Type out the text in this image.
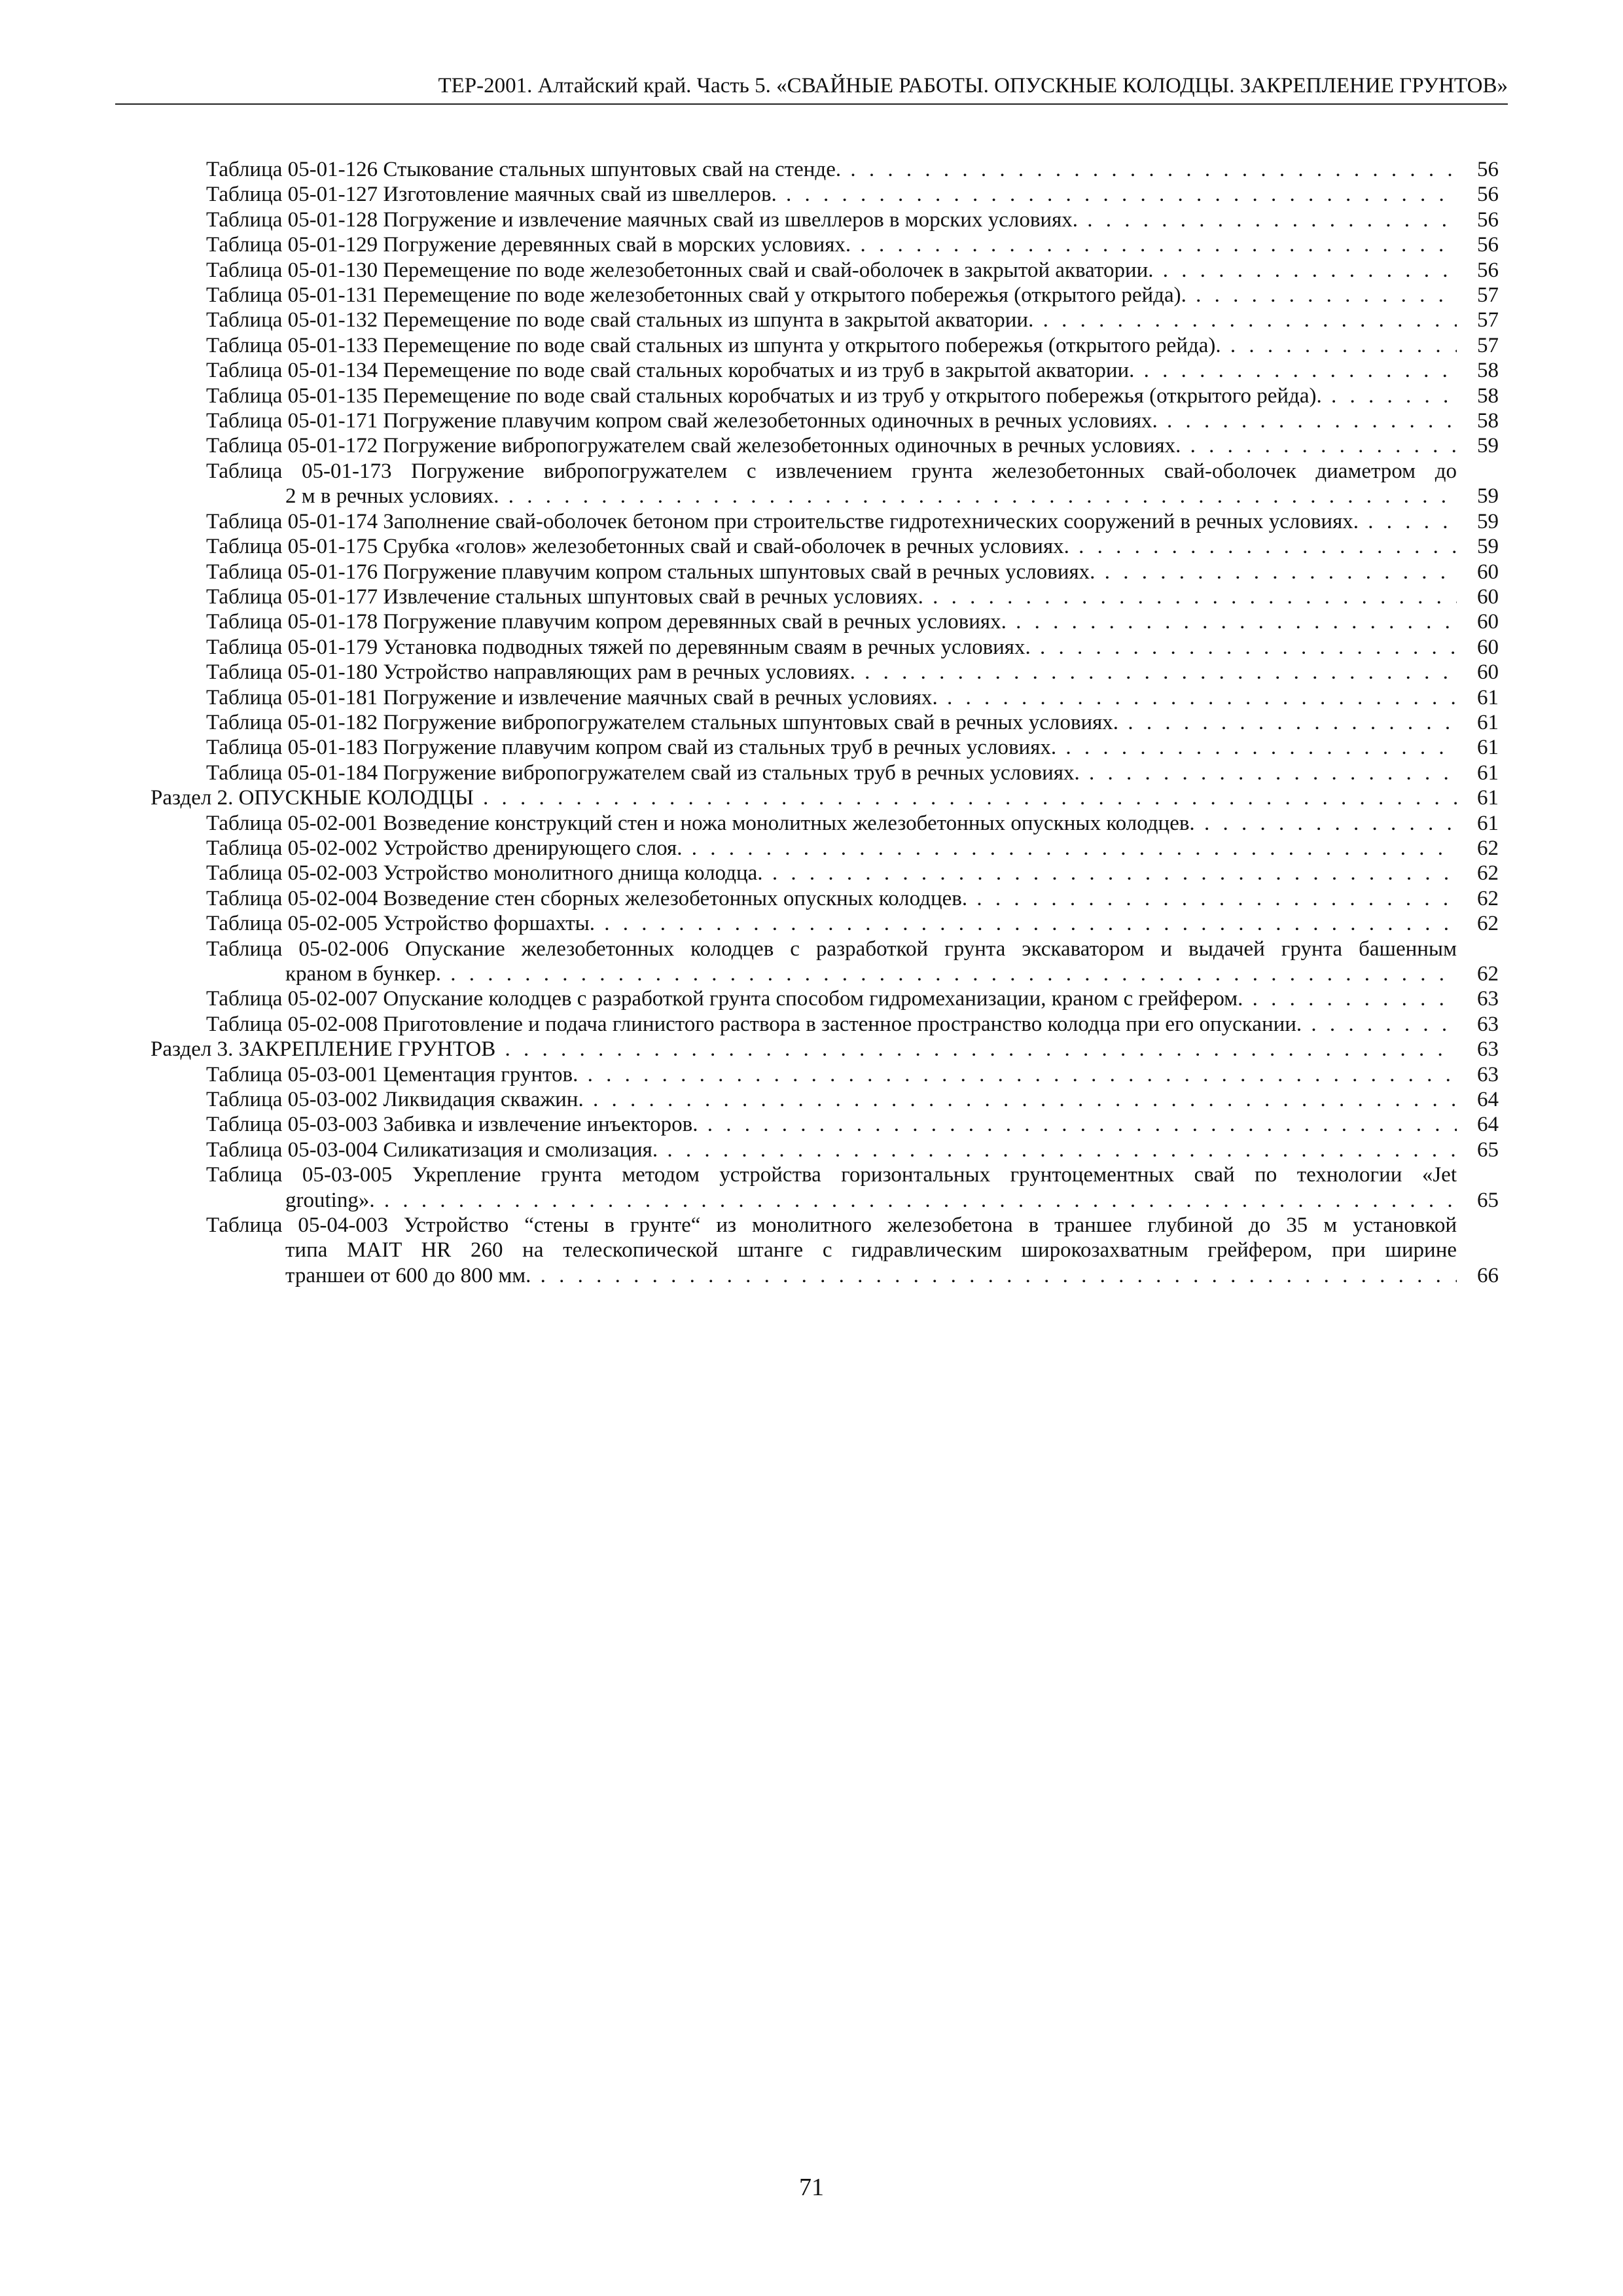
ТЕР-2001. Алтайский край. Часть 5. «СВАЙНЫЕ РАБОТЫ. ОПУСКНЫЕ КОЛОДЦЫ. ЗАКРЕПЛЕНИЕ ГРУНТОВ»
Таблица 05-01-126 Стыкование стальных шпунтовых свай на стенде. . . .	56
Таблица 05-01-127 Изготовление маячных свай из швеллеров. . . .	56
Таблица 05-01-128 Погружение и извлечение маячных свай из швеллеров в морских условиях. . . .	56
Таблица 05-01-129 Погружение деревянных свай в морских условиях. . . .	56
Таблица 05-01-130 Перемещение по воде железобетонных свай и свай-оболочек в закрытой акватории. . . .	56
Таблица 05-01-131 Перемещение по воде железобетонных свай у открытого побережья (открытого рейда). . . .	57
Таблица 05-01-132 Перемещение по воде свай стальных из шпунта в закрытой акватории. . . .	57
Таблица 05-01-133 Перемещение по воде свай стальных из шпунта у открытого побережья (открытого рейда). . . .	57
Таблица 05-01-134 Перемещение по воде свай стальных коробчатых и из труб в закрытой акватории. . . .	58
Таблица 05-01-135 Перемещение по воде свай стальных коробчатых и из труб у открытого побережья (открытого рейда). . . .	58
Таблица 05-01-171 Погружение плавучим копром свай железобетонных одиночных в речных условиях. . . .	58
Таблица 05-01-172 Погружение вибропогружателем свай железобетонных одиночных в речных условиях. . . .	59
Таблица 05-01-173 Погружение вибропогружателем с извлечением грунта железобетонных свай-оболочек диаметром до
2 м в речных условиях. . . .	59
Таблица 05-01-174 Заполнение свай-оболочек бетоном при строительстве гидротехнических сооружений в речных условиях. . . .	59
Таблица 05-01-175 Срубка «голов» железобетонных свай и свай-оболочек в речных условиях. . . .	59
Таблица 05-01-176 Погружение плавучим копром стальных шпунтовых свай в речных условиях. . . .	60
Таблица 05-01-177 Извлечение стальных шпунтовых свай в речных условиях. . . .	60
Таблица 05-01-178 Погружение плавучим копром деревянных свай в речных условиях. . . .	60
Таблица 05-01-179 Установка подводных тяжей по деревянным сваям в речных условиях. . . .	60
Таблица 05-01-180 Устройство направляющих рам в речных условиях. . . .	60
Таблица 05-01-181 Погружение и извлечение маячных свай в речных условиях. . . .	61
Таблица 05-01-182 Погружение вибропогружателем стальных шпунтовых свай в речных условиях. . . .	61
Таблица 05-01-183 Погружение плавучим копром свай из стальных труб в речных условиях. . . .	61
Таблица 05-01-184 Погружение вибропогружателем свай из стальных труб в речных условиях. . . .	61
Раздел 2. ОПУСКНЫЕ КОЛОДЦЫ . . .	61
Таблица 05-02-001 Возведение конструкций стен и ножа монолитных железобетонных опускных колодцев. . . .	61
Таблица 05-02-002 Устройство дренирующего слоя. . . .	62
Таблица 05-02-003 Устройство монолитного днища колодца. . . .	62
Таблица 05-02-004 Возведение стен сборных железобетонных опускных колодцев. . . .	62
Таблица 05-02-005 Устройство форшахты. . . .	62
Таблица 05-02-006 Опускание железобетонных колодцев с разработкой грунта экскаватором и выдачей грунта башенным
краном в бункер. . . .	62
Таблица 05-02-007 Опускание колодцев с разработкой грунта способом гидромеханизации, краном с грейфером. . . .	63
Таблица 05-02-008 Приготовление и подача глинистого раствора в застенное пространство колодца при его опускании. . . .	63
Раздел 3. ЗАКРЕПЛЕНИЕ ГРУНТОВ . . .	63
Таблица 05-03-001 Цементация грунтов. . . .	63
Таблица 05-03-002 Ликвидация скважин. . . .	64
Таблица 05-03-003 Забивка и извлечение инъекторов. . . .	64
Таблица 05-03-004 Силикатизация и смолизация. . . .	65
Таблица 05-03-005 Укрепление грунта методом устройства горизонтальных грунтоцементных свай по технологии «Jet
grouting». . . .	65
Таблица 05-04-003 Устройство “стены в грунте“ из монолитного железобетона в траншее глубиной до 35 м установкой
типа MAIT HR 260 на телескопической штанге с гидравлическим широкозахватным грейфером, при ширине
траншеи от 600 до 800 мм. . . .	66
71
